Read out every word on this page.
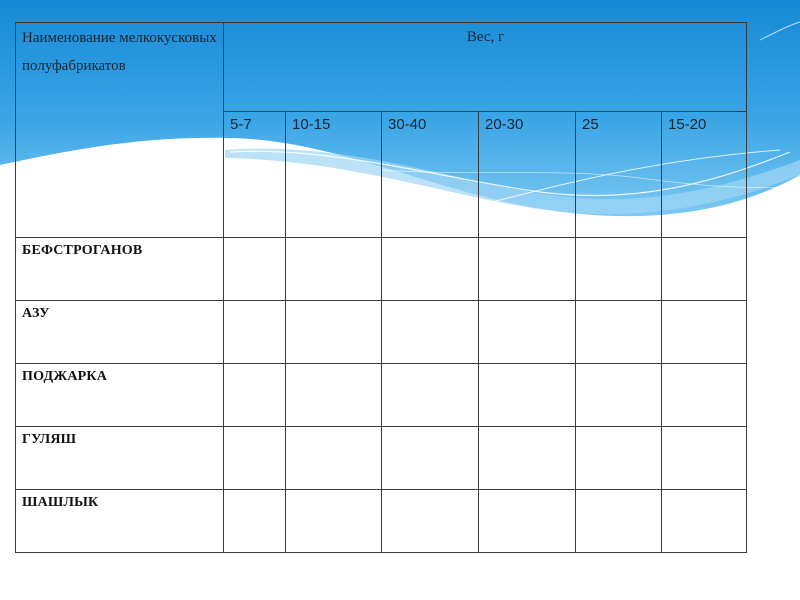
Наименование мелкокусковых полуфабрикатов	Вес, г					

	5-7	10-15	30-40	20-30	25	15-20

БЕФСТРОГАНОВ						

АЗУ						

ПОДЖАРКА						

ГУЛЯШ						

ШАШЛЫК						
